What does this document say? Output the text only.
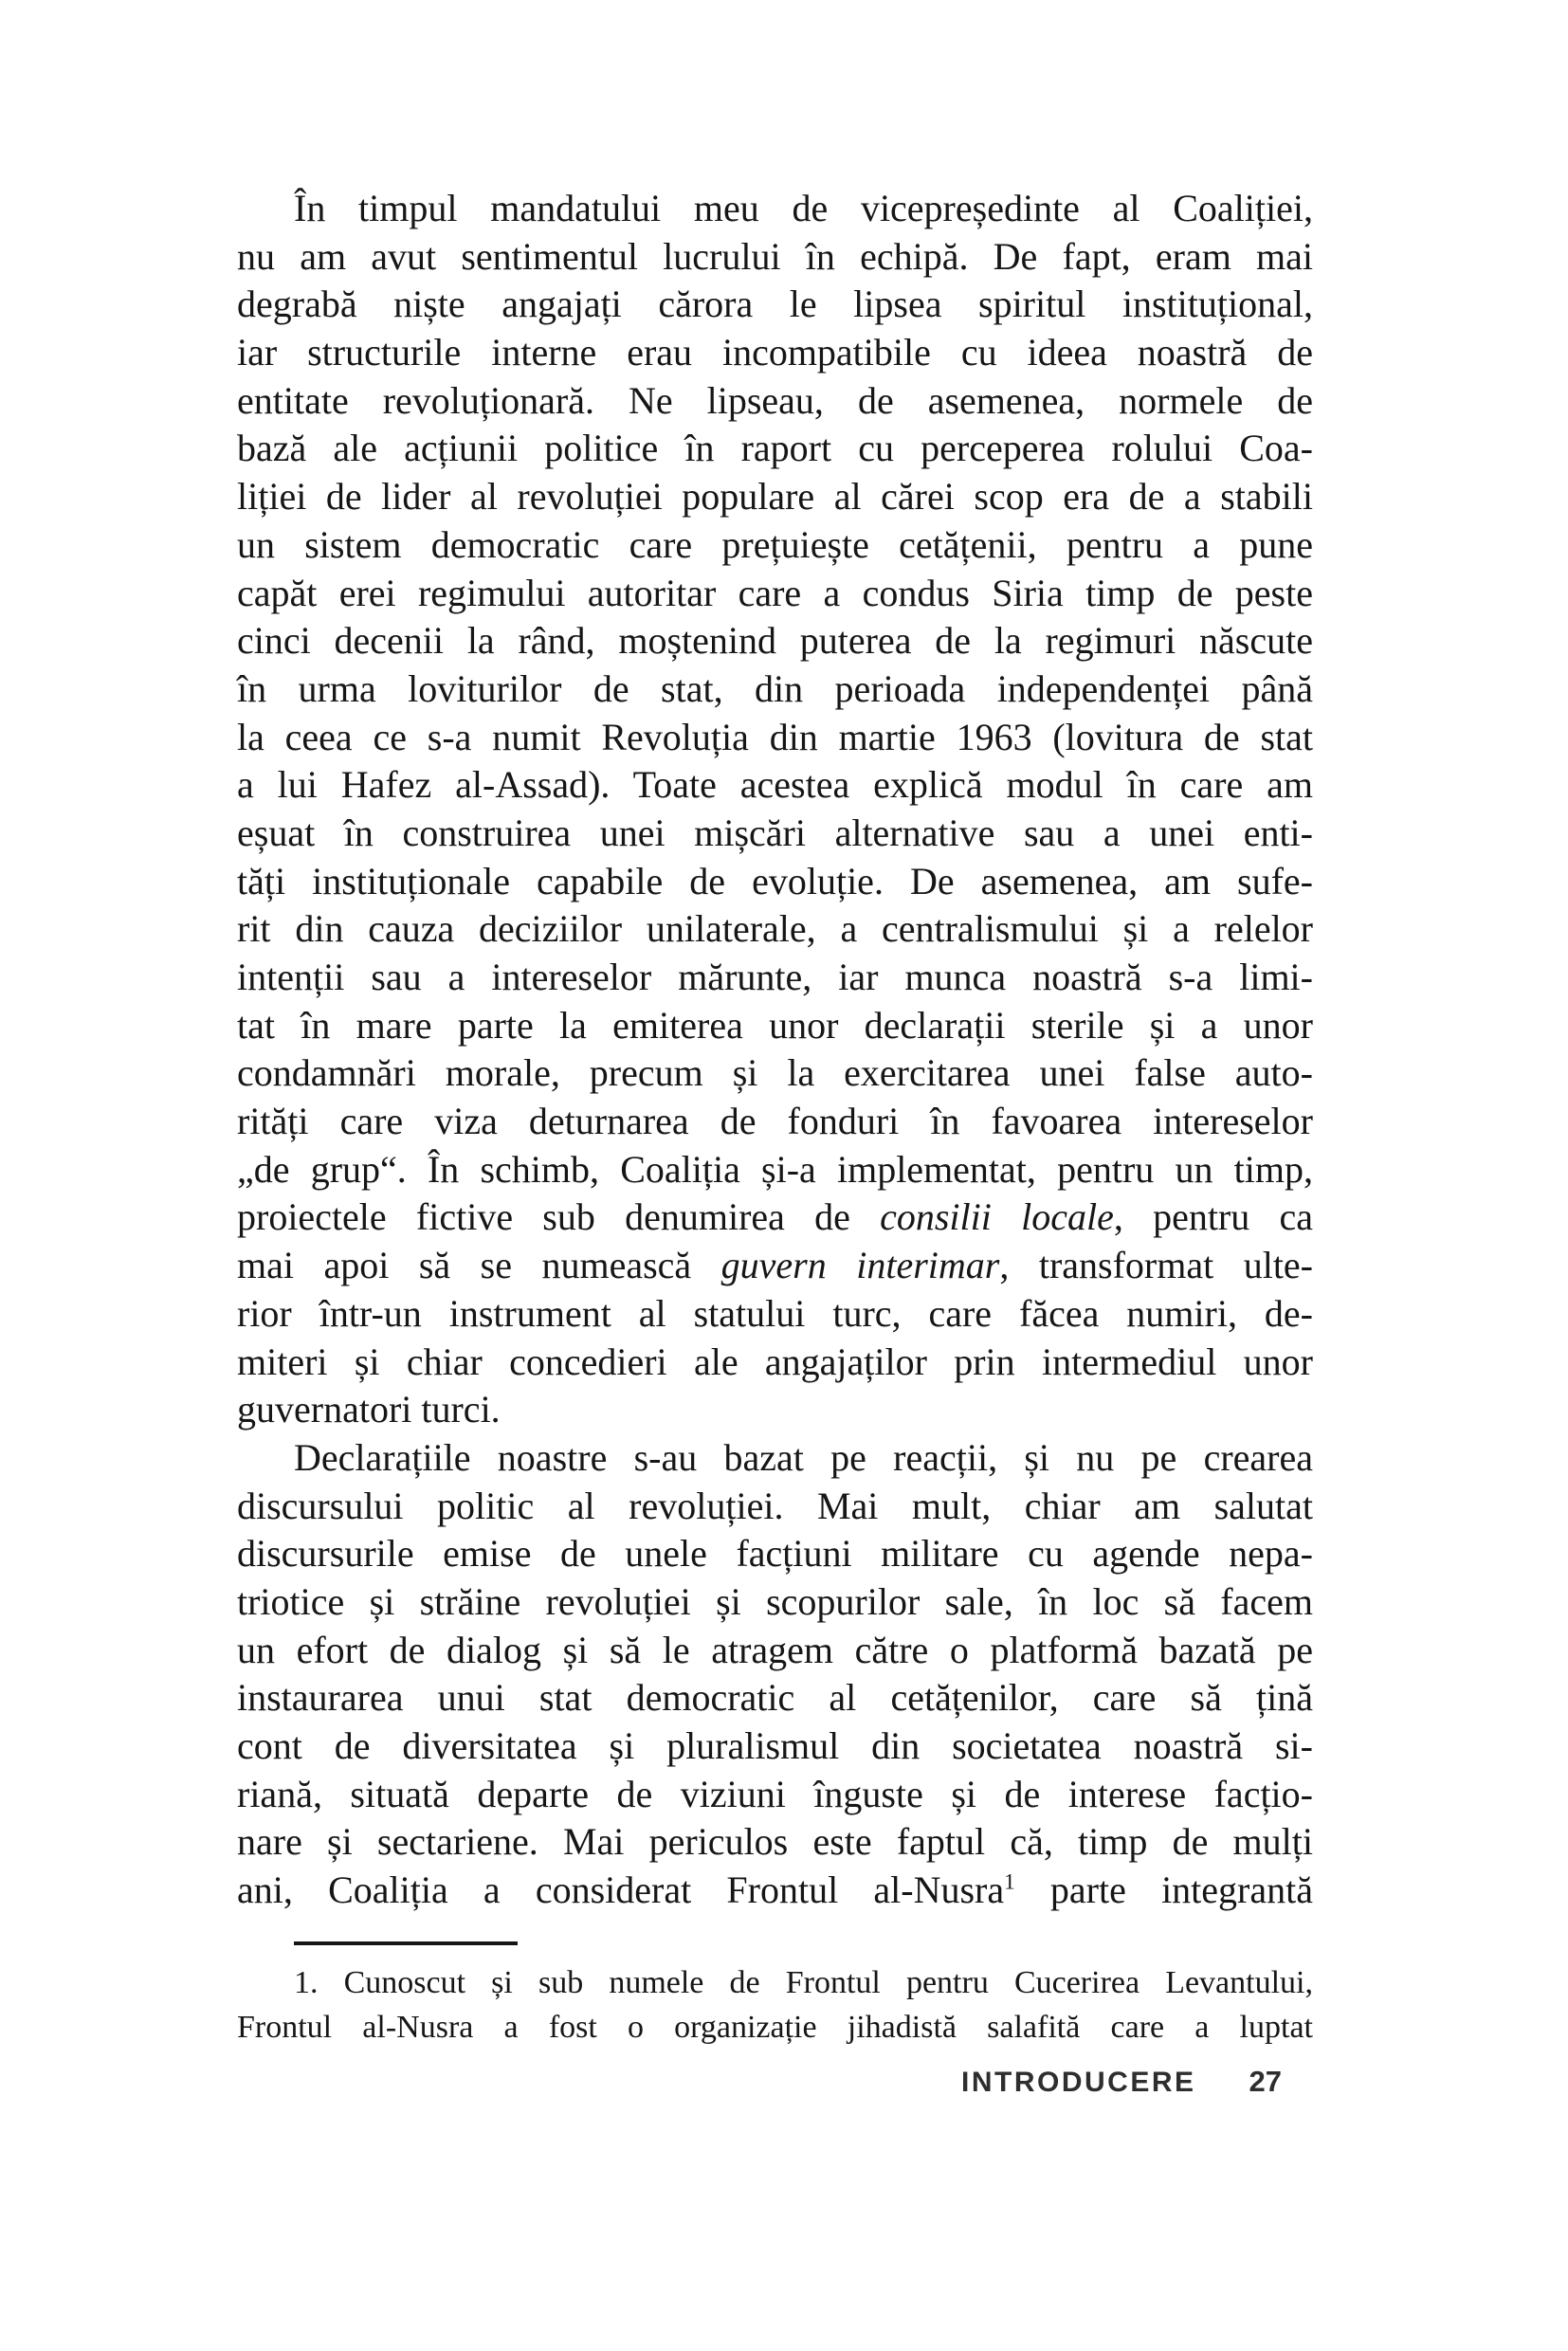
În timpul mandatului meu de vicepreședinte al Coaliției,
nu am avut sentimentul lucrului în echipă. De fapt, eram mai
degrabă niște angajați cărora le lipsea spiritul instituțional,
iar structurile interne erau incompatibile cu ideea noastră de
entitate revoluționară. Ne lipseau, de asemenea, normele de
bază ale acțiunii politice în raport cu perceperea rolului Coa-
liției de lider al revoluției populare al cărei scop era de a stabili
un sistem democratic care prețuiește cetățenii, pentru a pune
capăt erei regimului autoritar care a condus Siria timp de peste
cinci decenii la rând, moștenind puterea de la regimuri născute
în urma loviturilor de stat, din perioada independenței până
la ceea ce s-a numit Revoluția din martie 1963 (lovitura de stat
a lui Hafez al-Assad). Toate acestea explică modul în care am
eșuat în construirea unei mișcări alternative sau a unei enti-
tăți instituționale capabile de evoluție. De asemenea, am sufe-
rit din cauza deciziilor unilaterale, a centralismului și a relelor
intenții sau a intereselor mărunte, iar munca noastră s-a limi-
tat în mare parte la emiterea unor declarații sterile și a unor
condamnări morale, precum și la exercitarea unei false auto-
rități care viza deturnarea de fonduri în favoarea intereselor
„de grup“. În schimb, Coaliția și-a implementat, pentru un timp,
proiectele fictive sub denumirea de consilii locale, pentru ca
mai apoi să se numească guvern interimar, transformat ulte-
rior într-un instrument al statului turc, care făcea numiri, de-
miteri și chiar concedieri ale angajaților prin intermediul unor
guvernatori turci.
Declarațiile noastre s-au bazat pe reacții, și nu pe crearea
discursului politic al revoluției. Mai mult, chiar am salutat
discursurile emise de unele facțiuni militare cu agende nepa-
triotice și străine revoluției și scopurilor sale, în loc să facem
un efort de dialog și să le atragem către o platformă bazată pe
instaurarea unui stat democratic al cetățenilor, care să țină
cont de diversitatea și pluralismul din societatea noastră si-
riană, situată departe de viziuni înguste și de interese facțio-
nare și sectariene. Mai periculos este faptul că, timp de mulți
ani, Coaliția a considerat Frontul al-Nusra$^1$ parte integrantă
1. Cunoscut și sub numele de Frontul pentru Cucerirea Levantului,
Frontul al-Nusra a fost o organizație jihadistă salafită care a luptat
INTRODUCERE 27
